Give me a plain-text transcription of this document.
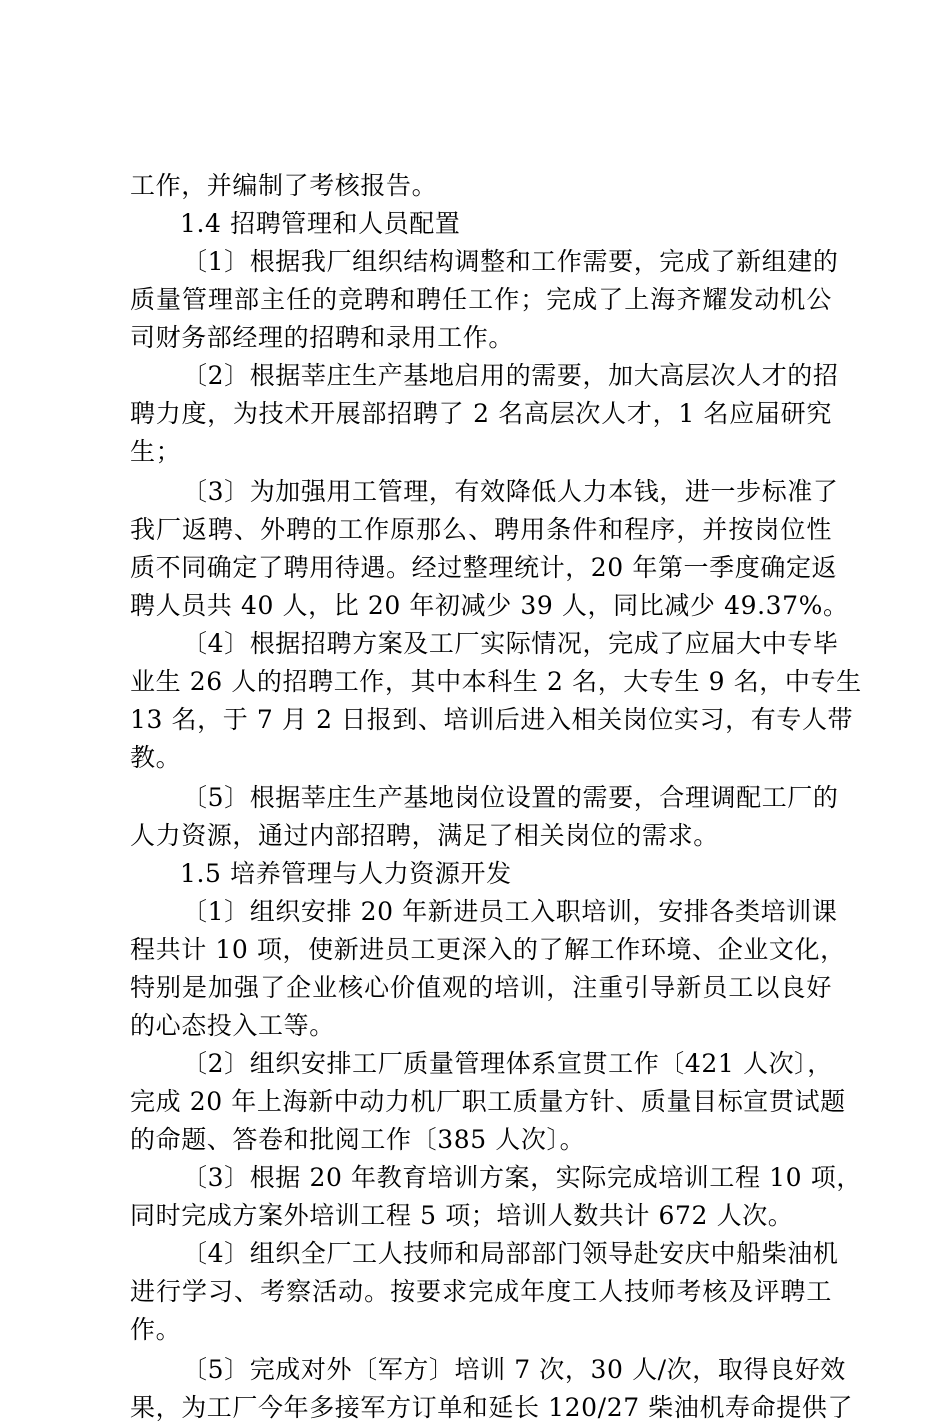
工作，并编制了考核报告。
1.4 招聘管理和人员配置
〔1〕根据我厂组织结构调整和工作需要，完成了新组建的
质量管理部主任的竞聘和聘任工作；完成了上海齐耀发动机公
司财务部经理的招聘和录用工作。
〔2〕根据莘庄生产基地启用的需要，加大高层次人才的招
聘力度，为技术开展部招聘了 2 名高层次人才，1 名应届研究
生；
〔3〕为加强用工管理，有效降低人力本钱，进一步标准了
我厂返聘、外聘的工作原那么、聘用条件和程序，并按岗位性
质不同确定了聘用待遇。经过整理统计，20 年第一季度确定返
聘人员共 40 人，比 20 年初减少 39 人，同比减少 49.37%。
〔4〕根据招聘方案及工厂实际情况，完成了应届大中专毕
业生 26 人的招聘工作，其中本科生 2 名，大专生 9 名，中专生
13 名，于 7 月 2 日报到、培训后进入相关岗位实习，有专人带
教。
〔5〕根据莘庄生产基地岗位设置的需要，合理调配工厂的
人力资源，通过内部招聘，满足了相关岗位的需求。
1.5 培养管理与人力资源开发
〔1〕组织安排 20 年新进员工入职培训，安排各类培训课
程共计 10 项，使新进员工更深入的了解工作环境、企业文化，
特别是加强了企业核心价值观的培训，注重引导新员工以良好
的心态投入工等。
〔2〕组织安排工厂质量管理体系宣贯工作〔421 人次〕，
完成 20 年上海新中动力机厂职工质量方针、质量目标宣贯试题
的命题、答卷和批阅工作〔385 人次〕。
〔3〕根据 20 年教育培训方案，实际完成培训工程 10 项，
同时完成方案外培训工程 5 项；培训人数共计 672 人次。
〔4〕组织全厂工人技师和局部部门领导赴安庆中船柴油机
进行学习、考察活动。按要求完成年度工人技师考核及评聘工
作。
〔5〕完成对外〔军方〕培训 7 次，30 人/次，取得良好效
果，为工厂今年多接军方订单和延长 120/27 柴油机寿命提供了
